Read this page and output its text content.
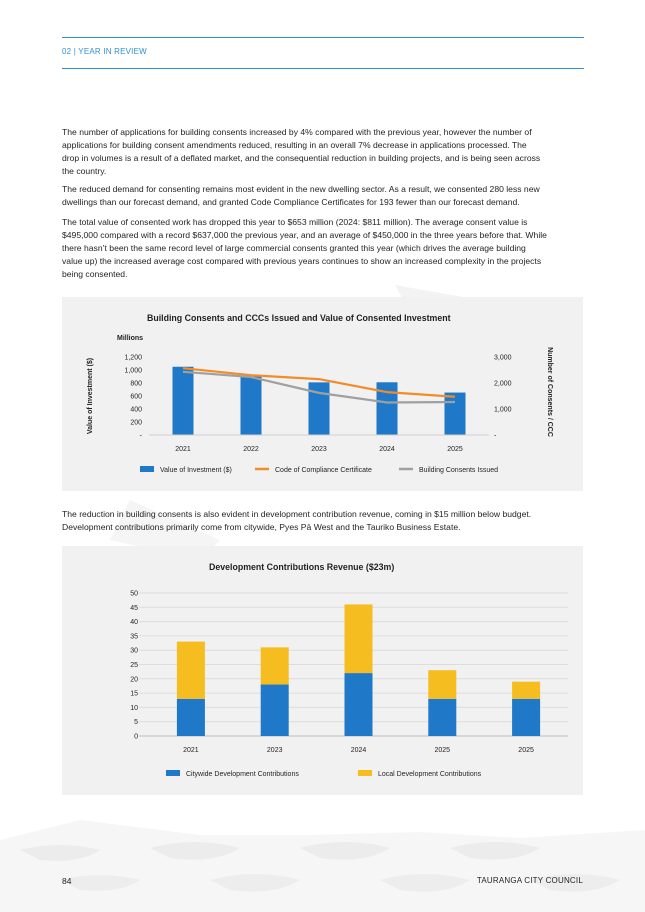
02 | YEAR IN REVIEW

The number of applications for building consents increased by 4% compared with the previous year, however the number of
applications for building consent amendments reduced, resulting in an overall 7% decrease in applications processed. The
drop in volumes is a result of a deflated market, and the consequential reduction in building projects, and is being seen across
the country.

The reduced demand for consenting remains most evident in the new dwelling sector. As a result, we consented 280 less new
dwellings than our forecast demand, and granted Code Compliance Certificates for 193 fewer than our forecast demand.

The total value of consented work has dropped this year to $653 million (2024: $811 million). The average consent value is
$495,000 compared with a record $637,000 the previous year, and an average of $450,000 in the three years before that. While
there hasn’t been the same record level of large commercial consents granted this year (which drives the average building
value up) the increased average cost compared with previous years continues to show an increased complexity in the projects
being consented.

Building Consents and CCCs Issued and Value of Consented Investment
Millions
Value of Investment ($)	Number of Consents / CCC
-
200
400
600
800
1,000
1,200
-
1,000
2,000
3,000
2021	2022	2023	2024	2025
Value of Investment ($)	Code of Compliance Certificate	Building Consents Issued

The reduction in building consents is also evident in development contribution revenue, coming in $15 million below budget.
Development contributions primarily come from citywide, Pyes Pā West and the Tauriko Business Estate.

Development Contributions Revenue ($23m)
0
5
10
15
20
25
30
35
40
45
50
2021	2023	2024	2025	2025
Citywide Development Contributions	Local Development Contributions
84	TAURANGA CITY COUNCIL
